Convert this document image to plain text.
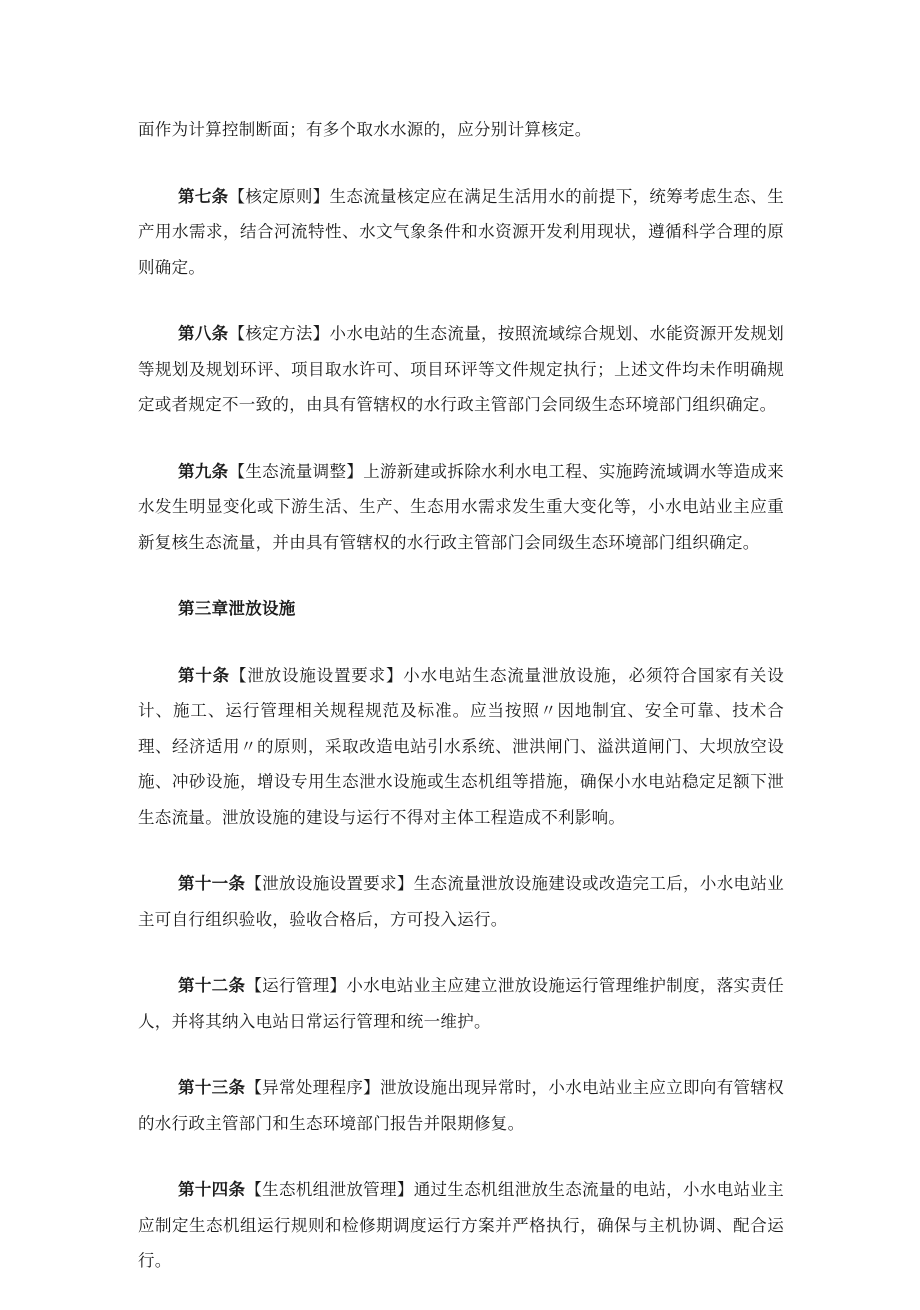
面作为计算控制断面；有多个取水水源的，应分别计算核定。

第七条【核定原则】生态流量核定应在满足生活用水的前提下，统筹考虑生态、生产用水需求，结合河流特性、水文气象条件和水资源开发利用现状，遵循科学合理的原则确定。

第八条【核定方法】小水电站的生态流量，按照流域综合规划、水能资源开发规划等规划及规划环评、项目取水许可、项目环评等文件规定执行；上述文件均未作明确规定或者规定不一致的，由具有管辖权的水行政主管部门会同级生态环境部门组织确定。

第九条【生态流量调整】上游新建或拆除水利水电工程、实施跨流域调水等造成来水发生明显变化或下游生活、生产、生态用水需求发生重大变化等，小水电站业主应重新复核生态流量，并由具有管辖权的水行政主管部门会同级生态环境部门组织确定。

第三章泄放设施

第十条【泄放设施设置要求】小水电站生态流量泄放设施，必须符合国家有关设计、施工、运行管理相关规程规范及标准。应当按照〃因地制宜、安全可靠、技术合理、经济适用〃的原则，采取改造电站引水系统、泄洪闸门、溢洪道闸门、大坝放空设施、冲砂设施，增设专用生态泄水设施或生态机组等措施，确保小水电站稳定足额下泄生态流量。泄放设施的建设与运行不得对主体工程造成不利影响。

第十一条【泄放设施设置要求】生态流量泄放设施建设或改造完工后，小水电站业主可自行组织验收，验收合格后，方可投入运行。

第十二条【运行管理】小水电站业主应建立泄放设施运行管理维护制度，落实责任人，并将其纳入电站日常运行管理和统一维护。

第十三条【异常处理程序】泄放设施出现异常时，小水电站业主应立即向有管辖权的水行政主管部门和生态环境部门报告并限期修复。

第十四条【生态机组泄放管理】通过生态机组泄放生态流量的电站，小水电站业主应制定生态机组运行规则和检修期调度运行方案并严格执行，确保与主机协调、配合运行。
